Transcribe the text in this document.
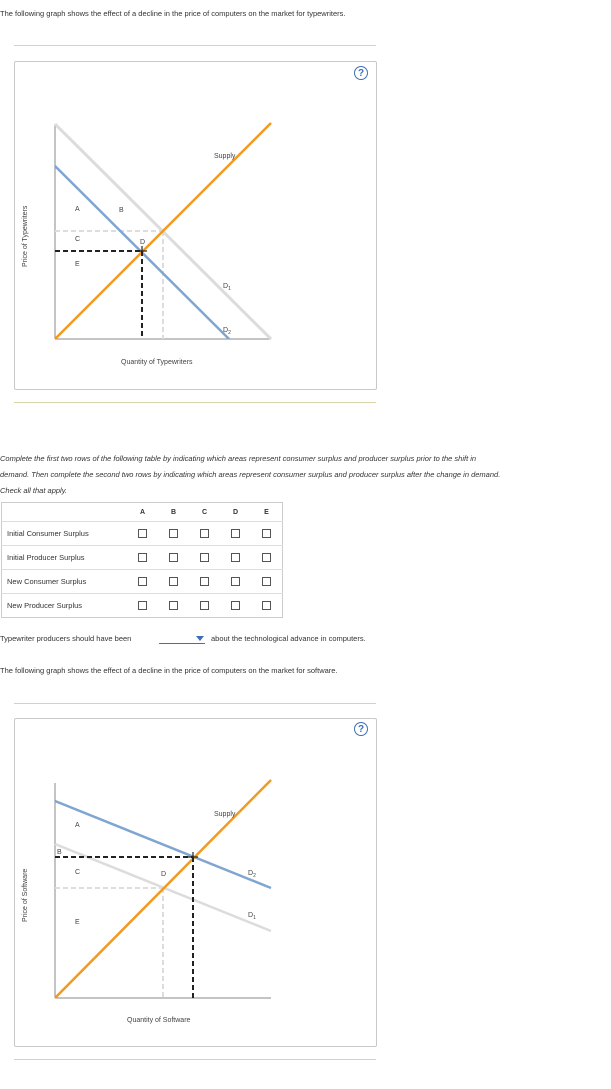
The following graph shows the effect of a decline in the price of computers on the market for typewriters.
?
A	B
C	D
E
Supply
$D_1$
$D_2$
Quantity of Typewriters
Price of Typewriters
Complete the first two rows of the following table by indicating which areas represent consumer surplus and producer surplus prior to the shift in
demand. Then complete the second two rows by indicating which areas represent consumer surplus and producer surplus after the change in demand.
Check all that apply.
	A	B	C	D	E
Initial Consumer Surplus					
Initial Producer Surplus					
New Consumer Surplus					
New Producer Surplus					
Typewriter producers should have been	about the technological advance in computers.
The following graph shows the effect of a decline in the price of computers on the market for software.
?
A
B
C	D
E
Supply
$D_2$
$D_1$
Quantity of Software
Price of Software
